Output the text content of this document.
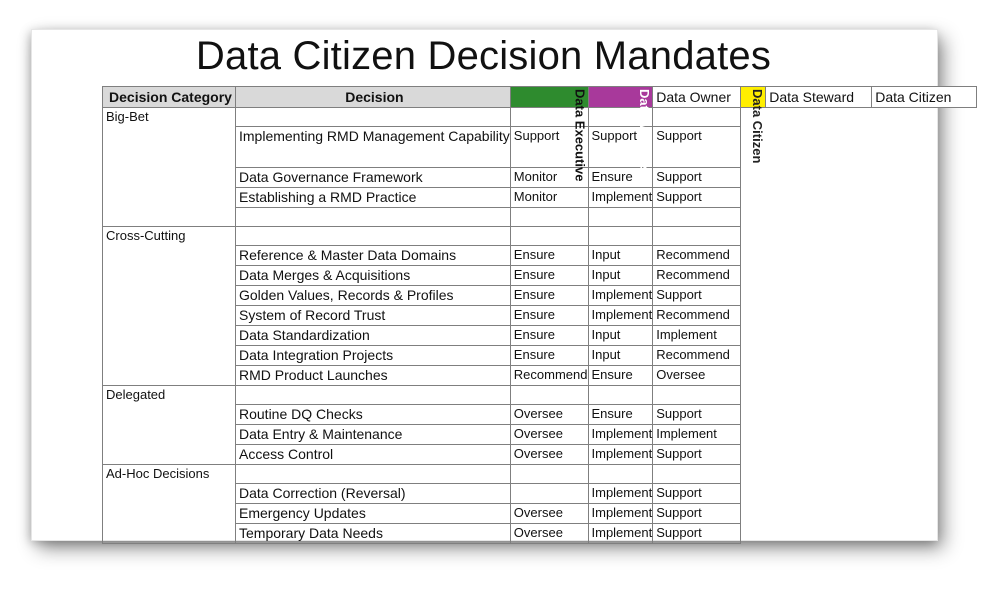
Data Citizen Decision Mandates
Decision Category	Decision	Data Executive	Data Manager	Data Owner	Data Citizen	Data Steward	Data Citizen
Big-Bet							
	Implementing RMD Management Capability	Support	Support	Support			
	Data Governance Framework	Monitor	Ensure	Support			
	Establishing a RMD Practice	Monitor	Implement	Support			

Cross-Cutting							
	Reference & Master Data Domains	Ensure	Input	Recommend			
	Data Merges & Acquisitions	Ensure	Input	Recommend			
	Golden Values, Records & Profiles	Ensure	Implement	Support			
	System of Record Trust	Ensure	Implement	Recommend			
	Data Standardization	Ensure	Input	Implement			
	Data Integration Projects	Ensure	Input	Recommend			
	RMD Product Launches	Recommend	Ensure	Oversee			
Delegated							
	Routine DQ Checks	Oversee	Ensure	Support			
	Data Entry & Maintenance	Oversee	Implement	Implement			
	Access Control	Oversee	Implement	Support			
Ad-Hoc Decisions							
	Data Correction (Reversal)		Implement	Support			
	Emergency Updates	Oversee	Implement	Support			
	Temporary Data Needs	Oversee	Implement	Support			
